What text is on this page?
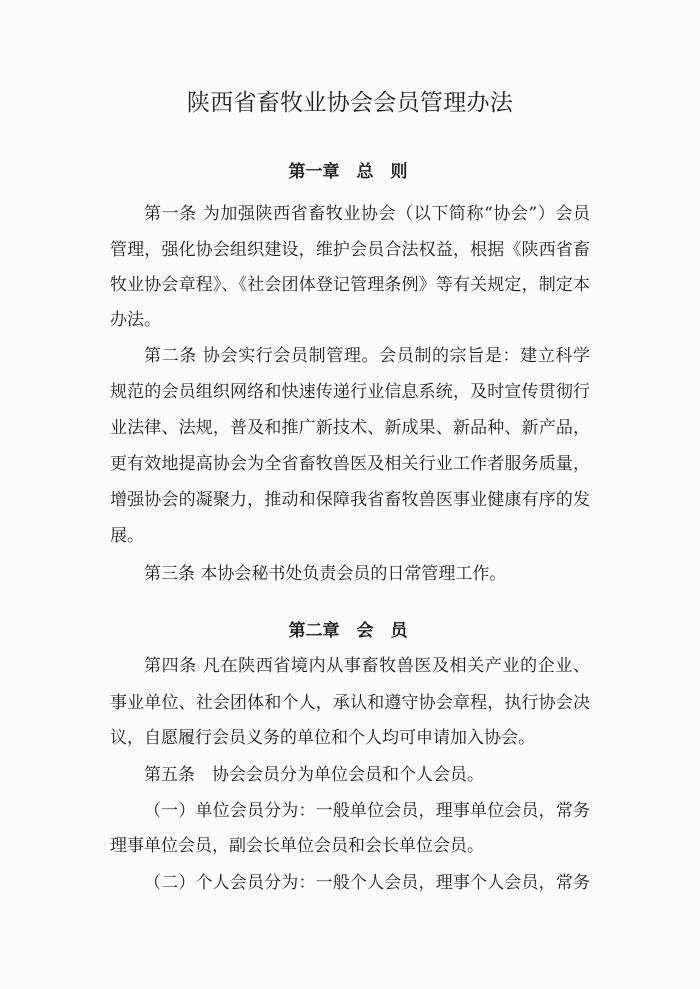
陕西省畜牧业协会会员管理办法
第一章　总　则
第一条 为加强陕西省畜牧业协会（以下简称“协会”）会员
管理，强化协会组织建设，维护会员合法权益，根据《陕西省畜
牧业协会章程》、《社会团体登记管理条例》等有关规定，制定本
办法。
第二条 协会实行会员制管理。会员制的宗旨是：建立科学
规范的会员组织网络和快速传递行业信息系统，及时宣传贯彻行
业法律、法规，普及和推广新技术、新成果、新品种、新产品，
更有效地提高协会为全省畜牧兽医及相关行业工作者服务质量，
增强协会的凝聚力，推动和保障我省畜牧兽医事业健康有序的发
展。
第三条 本协会秘书处负责会员的日常管理工作。
第二章　会　员
第四条 凡在陕西省境内从事畜牧兽医及相关产业的企业、
事业单位、社会团体和个人，承认和遵守协会章程，执行协会决
议，自愿履行会员义务的单位和个人均可申请加入协会。
第五条　协会会员分为单位会员和个人会员。
（一）单位会员分为：一般单位会员，理事单位会员，常务
理事单位会员，副会长单位会员和会长单位会员。
（二）个人会员分为：一般个人会员，理事个人会员，常务
